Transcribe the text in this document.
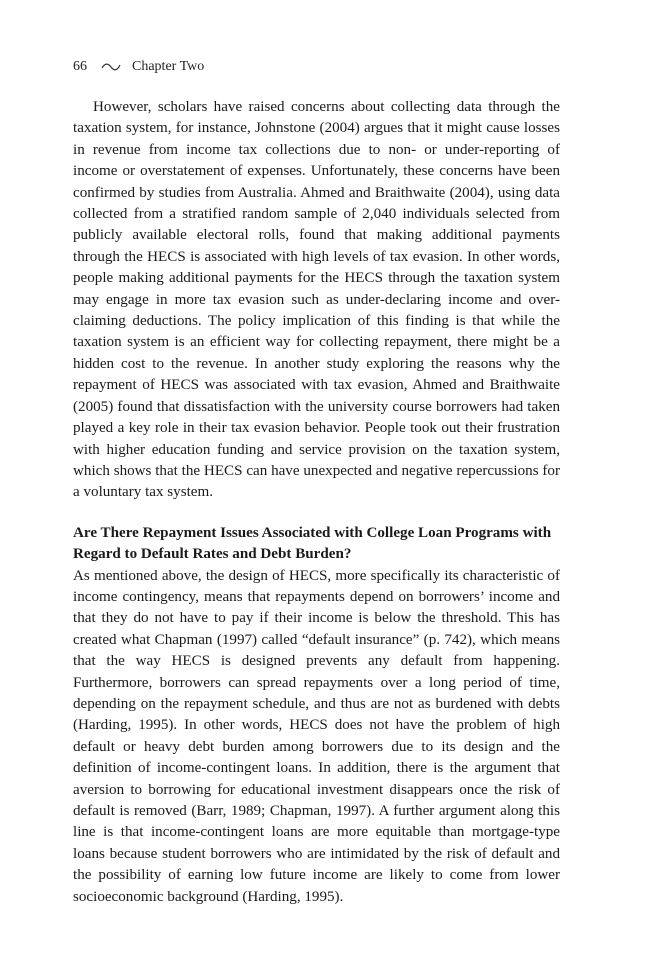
66	Chapter Two

However, scholars have raised concerns about collecting data through the taxation system, for instance, Johnstone (2004) argues that it might cause losses in revenue from income tax collections due to non- or under-reporting of income or overstatement of expenses. Unfortunately, these concerns have been confirmed by studies from Australia. Ahmed and Braithwaite (2004), using data collected from a stratified random sample of 2,040 individuals selected from publicly available electoral rolls, found that making additional payments through the HECS is associated with high levels of tax evasion. In other words, people making additional payments for the HECS through the taxation system may engage in more tax evasion such as under-declaring income and over-claiming deductions. The policy implication of this finding is that while the taxation system is an efficient way for collecting repayment, there might be a hidden cost to the revenue. In another study exploring the reasons why the repayment of HECS was associated with tax evasion, Ahmed and Braithwaite (2005) found that dissatisfaction with the university course borrowers had taken played a key role in their tax evasion behavior. People took out their frustration with higher education funding and service provision on the taxation system, which shows that the HECS can have unexpected and negative repercussions for a voluntary tax system.

Are There Repayment Issues Associated with College Loan Programs with Regard to Default Rates and Debt Burden?

As mentioned above, the design of HECS, more specifically its characteristic of income contingency, means that repayments depend on borrowers’ income and that they do not have to pay if their income is below the threshold. This has created what Chapman (1997) called “default insurance” (p. 742), which means that the way HECS is designed prevents any default from happening. Furthermore, borrowers can spread repayments over a long period of time, depending on the repayment schedule, and thus are not as burdened with debts (Harding, 1995). In other words, HECS does not have the problem of high default or heavy debt burden among borrowers due to its design and the definition of income-contingent loans. In addition, there is the argument that aversion to borrowing for educational investment disappears once the risk of default is removed (Barr, 1989; Chapman, 1997). A further argument along this line is that income-contingent loans are more equitable than mortgage-type loans because student borrowers who are intimidated by the risk of default and the possibility of earning low future income are likely to come from lower socioeconomic background (Harding, 1995).
